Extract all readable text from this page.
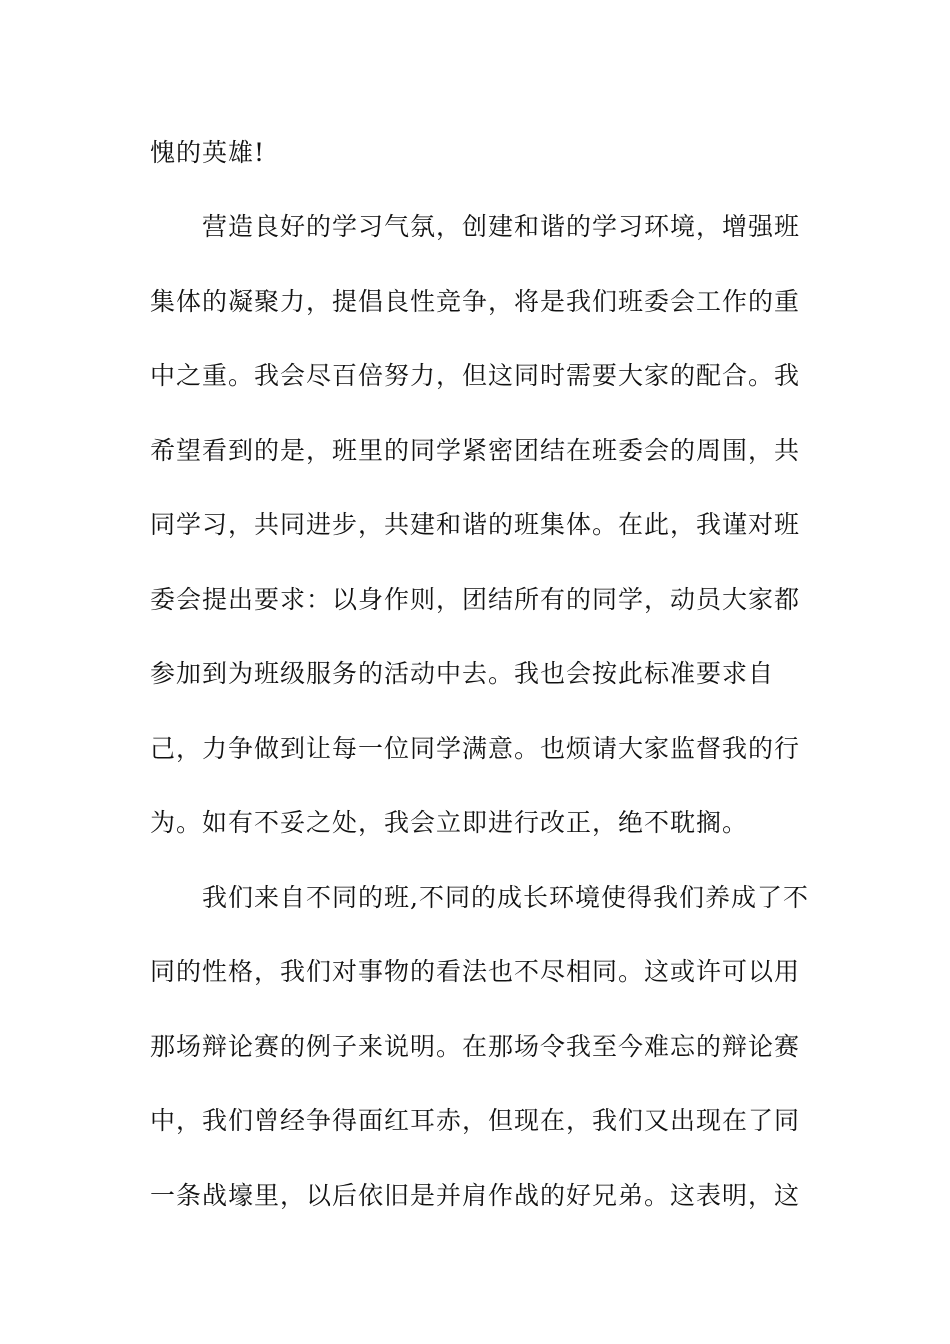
愧的英雄!
营造良好的学习气氛，创建和谐的学习环境，增强班
集体的凝聚力，提倡良性竞争，将是我们班委会工作的重
中之重。我会尽百倍努力，但这同时需要大家的配合。我
希望看到的是，班里的同学紧密团结在班委会的周围，共
同学习，共同进步，共建和谐的班集体。在此，我谨对班
委会提出要求：以身作则，团结所有的同学，动员大家都
参加到为班级服务的活动中去。我也会按此标准要求自
己，力争做到让每一位同学满意。也烦请大家监督我的行
为。如有不妥之处，我会立即进行改正，绝不耽搁。
我们来自不同的班,不同的成长环境使得我们养成了不
同的性格，我们对事物的看法也不尽相同。这或许可以用
那场辩论赛的例子来说明。在那场令我至今难忘的辩论赛
中，我们曾经争得面红耳赤，但现在，我们又出现在了同
一条战壕里，以后依旧是并肩作战的好兄弟。这表明，这
